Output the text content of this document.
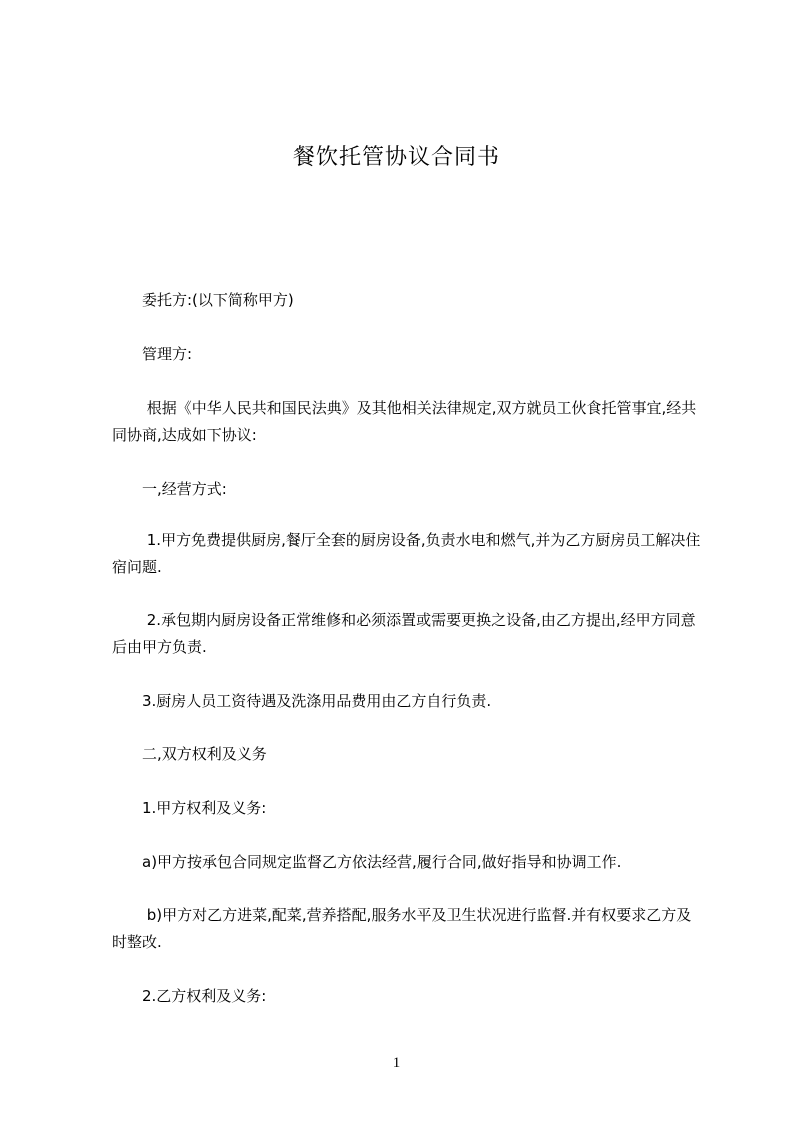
餐饮托管协议合同书

　　委托方:(以下简称甲方)

　　管理方:

　　 根据《中华人民共和国民法典》及其他相关法律规定,双方就员工伙食托管事宜,经共同协商,达成如下协议:

　　一,经营方式:

　　 1.甲方免费提供厨房,餐厅全套的厨房设备,负责水电和燃气,并为乙方厨房员工解决住宿问题.

　　 2.承包期内厨房设备正常维修和必须添置或需要更换之设备,由乙方提出,经甲方同意后由甲方负责.

　　3.厨房人员工资待遇及洗涤用品费用由乙方自行负责.

　　二,双方权利及义务

　　1.甲方权利及义务:

　　a)甲方按承包合同规定监督乙方依法经营,履行合同,做好指导和协调工作.

　　 b)甲方对乙方进菜,配菜,营养搭配,服务水平及卫生状况进行监督.并有权要求乙方及时整改.

　　2.乙方权利及义务:

1
